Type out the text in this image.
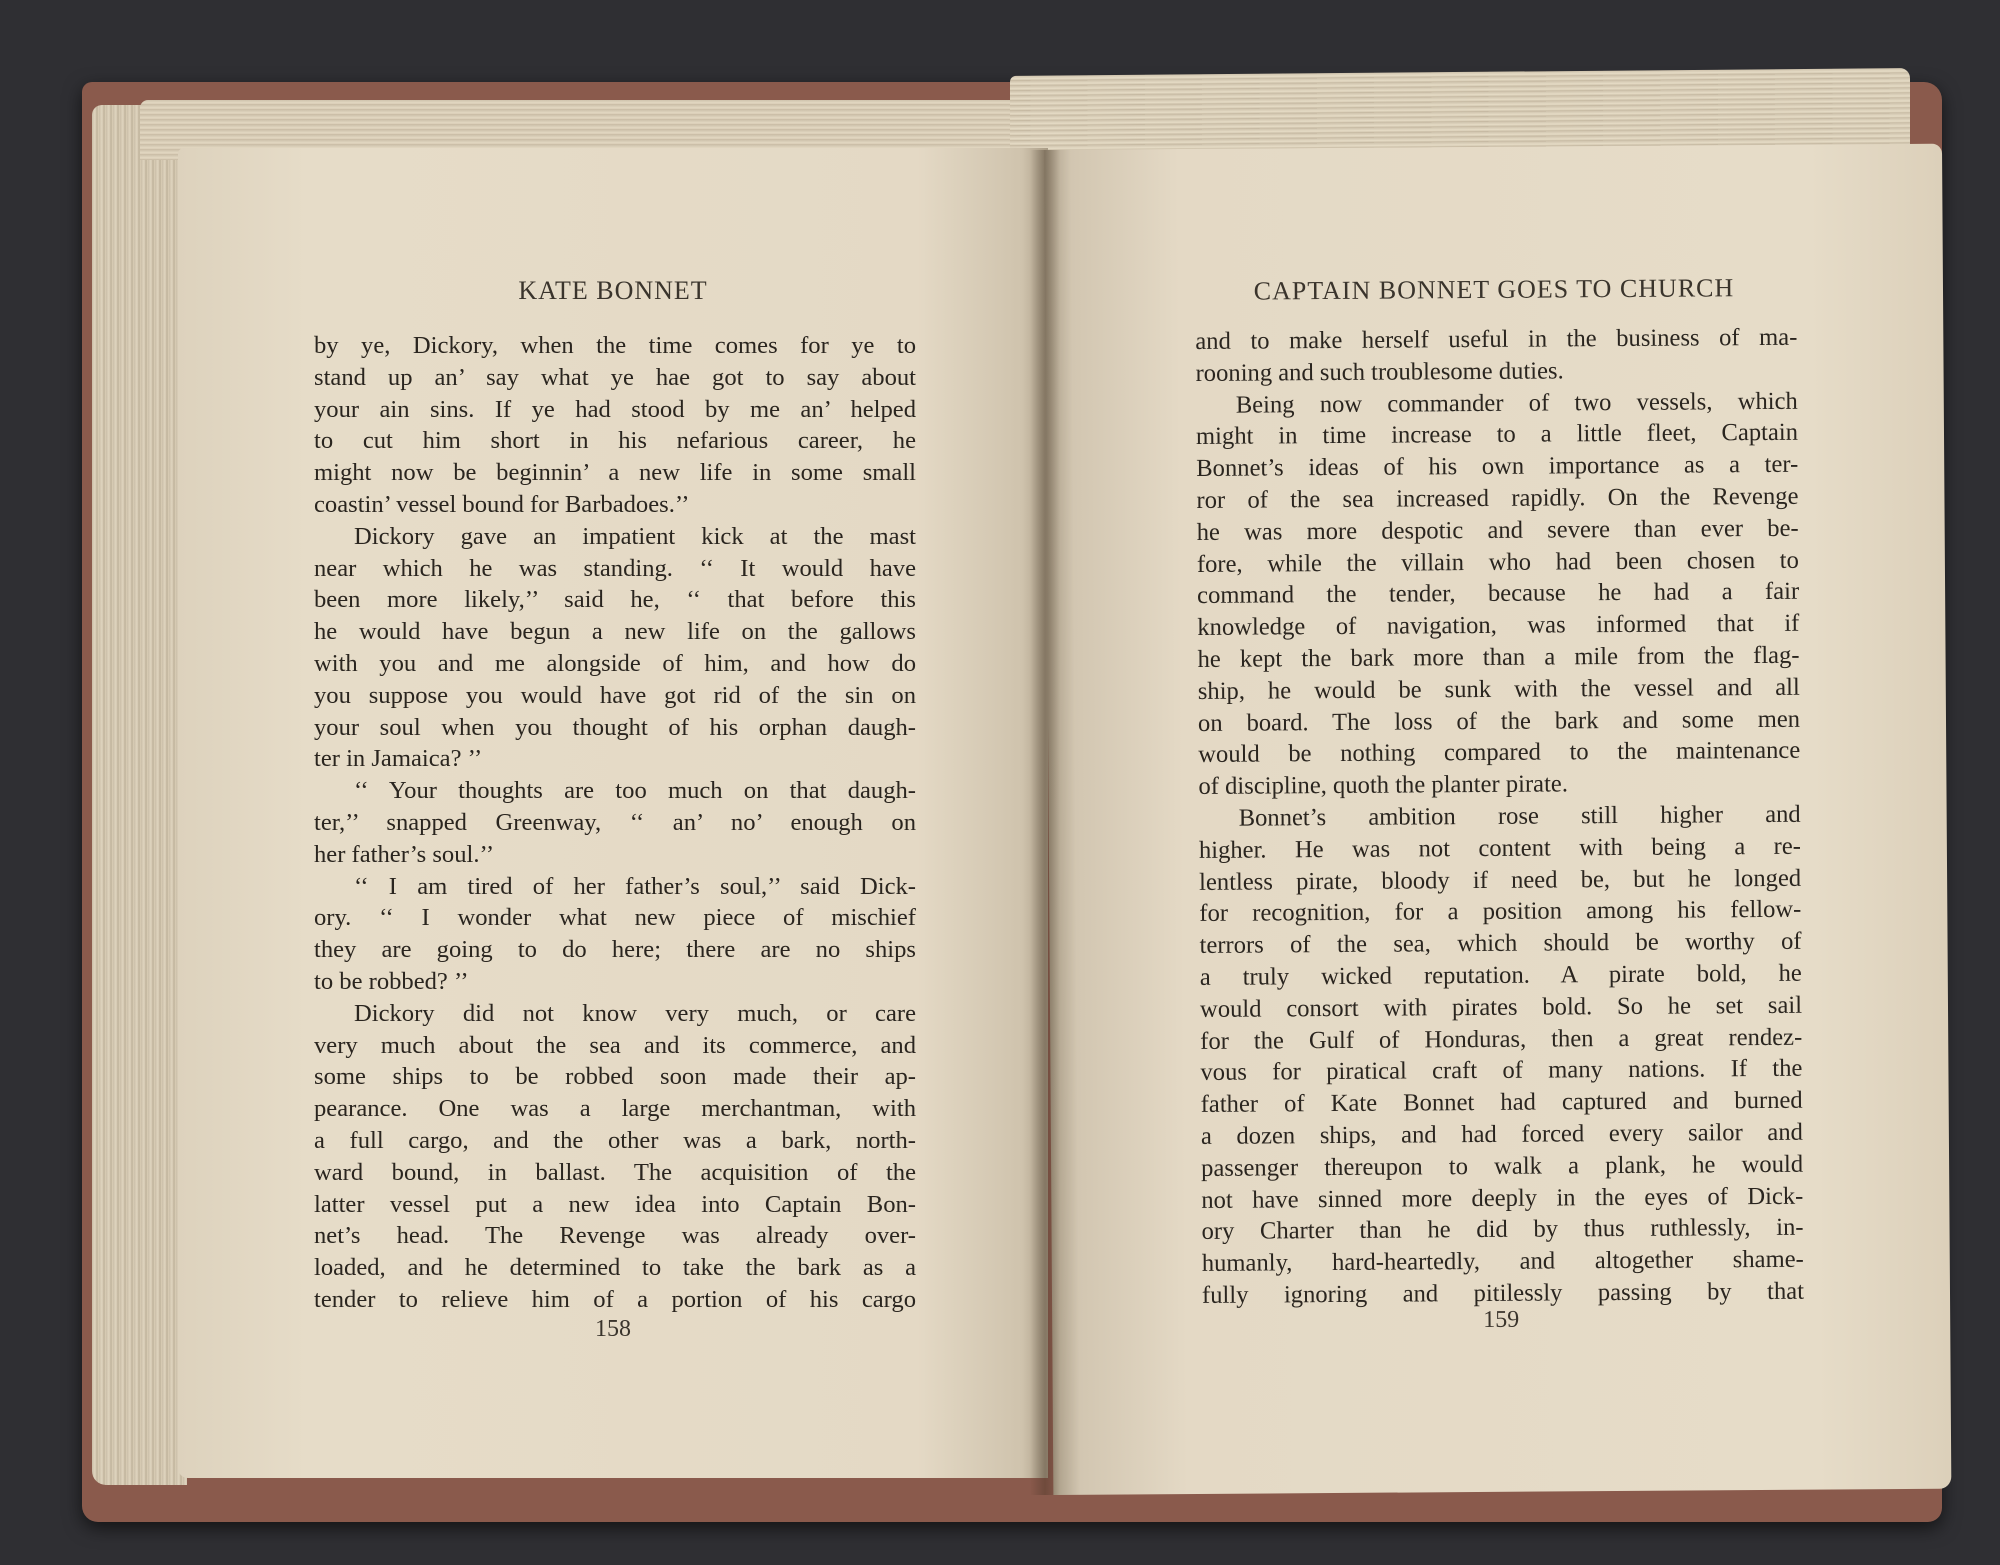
KATE BONNET
by ye, Dickory, when the time comes for ye to
stand up an’ say what ye hae got to say about
your ain sins. If ye had stood by me an’ helped
to cut him short in his nefarious career, he
might now be beginnin’ a new life in some small
coastin’ vessel bound for Barbadoes.’’
Dickory gave an impatient kick at the mast
near which he was standing. ‘‘ It would have
been more likely,’’ said he, ‘‘ that before this
he would have begun a new life on the gallows
with you and me alongside of him, and how do
you suppose you would have got rid of the sin on
your soul when you thought of his orphan daugh-
ter in Jamaica? ’’
‘‘ Your thoughts are too much on that daugh-
ter,’’ snapped Greenway, ‘‘ an’ no’ enough on
her father’s soul.’’
‘‘ I am tired of her father’s soul,’’ said Dick-
ory. ‘‘ I wonder what new piece of mischief
they are going to do here; there are no ships
to be robbed? ’’
Dickory did not know very much, or care
very much about the sea and its commerce, and
some ships to be robbed soon made their ap-
pearance. One was a large merchantman, with
a full cargo, and the other was a bark, north-
ward bound, in ballast. The acquisition of the
latter vessel put a new idea into Captain Bon-
net’s head. The Revenge was already over-
loaded, and he determined to take the bark as a
tender to relieve him of a portion of his cargo
158
CAPTAIN BONNET GOES TO CHURCH
and to make herself useful in the business of ma-
rooning and such troublesome duties.
Being now commander of two vessels, which
might in time increase to a little fleet, Captain
Bonnet’s ideas of his own importance as a ter-
ror of the sea increased rapidly. On the Revenge
he was more despotic and severe than ever be-
fore, while the villain who had been chosen to
command the tender, because he had a fair
knowledge of navigation, was informed that if
he kept the bark more than a mile from the flag-
ship, he would be sunk with the vessel and all
on board. The loss of the bark and some men
would be nothing compared to the maintenance
of discipline, quoth the planter pirate.
Bonnet’s ambition rose still higher and
higher. He was not content with being a re-
lentless pirate, bloody if need be, but he longed
for recognition, for a position among his fellow-
terrors of the sea, which should be worthy of
a truly wicked reputation. A pirate bold, he
would consort with pirates bold. So he set sail
for the Gulf of Honduras, then a great rendez-
vous for piratical craft of many nations. If the
father of Kate Bonnet had captured and burned
a dozen ships, and had forced every sailor and
passenger thereupon to walk a plank, he would
not have sinned more deeply in the eyes of Dick-
ory Charter than he did by thus ruthlessly, in-
humanly, hard-heartedly, and altogether shame-
fully ignoring and pitilessly passing by that
159
